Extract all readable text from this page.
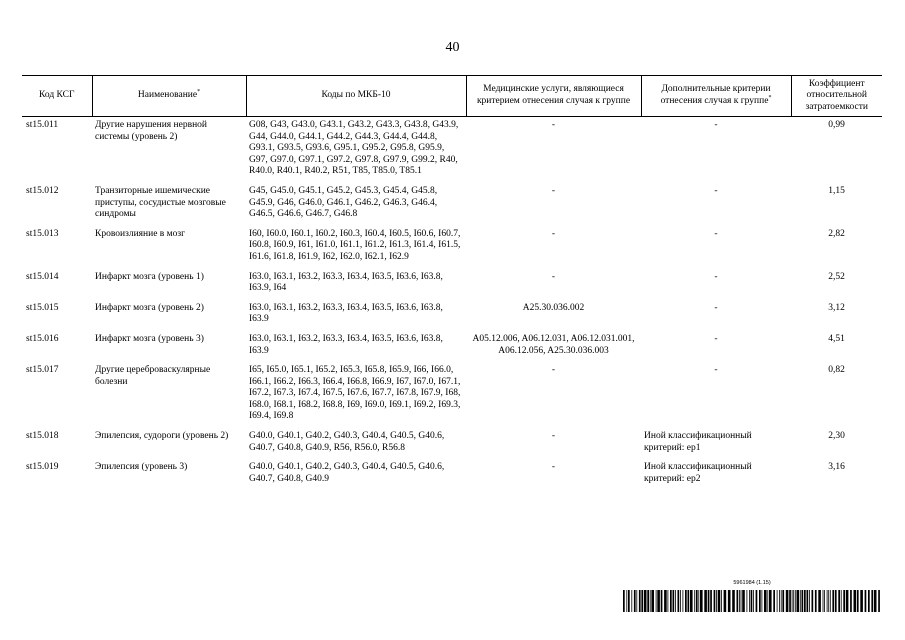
40
Код КСГ	Наименование*	Коды по МКБ-10	Медицинские услуги, являющиеся критерием отнесения случая к группе	Дополнительные критерии отнесения случая к группе*	Коэффициент относительной затратоемкости
st15.011	Другие нарушения нервной системы (уровень 2)	G08, G43, G43.0, G43.1, G43.2, G43.3, G43.8, G43.9, G44, G44.0, G44.1, G44.2, G44.3, G44.4, G44.8, G93.1, G93.5, G93.6, G95.1, G95.2, G95.8, G95.9, G97, G97.0, G97.1, G97.2, G97.8, G97.9, G99.2, R40, R40.0, R40.1, R40.2, R51, T85, T85.0, T85.1	-	-	0,99
st15.012	Транзиторные ишемические приступы, сосудистые мозговые синдромы	G45, G45.0, G45.1, G45.2, G45.3, G45.4, G45.8, G45.9, G46, G46.0, G46.1, G46.2, G46.3, G46.4, G46.5, G46.6, G46.7, G46.8	-	-	1,15
st15.013	Кровоизлияние в мозг	I60, I60.0, I60.1, I60.2, I60.3, I60.4, I60.5, I60.6, I60.7, I60.8, I60.9, I61, I61.0, I61.1, I61.2, I61.3, I61.4, I61.5, I61.6, I61.8, I61.9, I62, I62.0, I62.1, I62.9	-	-	2,82
st15.014	Инфаркт мозга (уровень 1)	I63.0, I63.1, I63.2, I63.3, I63.4, I63.5, I63.6, I63.8, I63.9, I64	-	-	2,52
st15.015	Инфаркт мозга (уровень 2)	I63.0, I63.1, I63.2, I63.3, I63.4, I63.5, I63.6, I63.8, I63.9	A25.30.036.002	-	3,12
st15.016	Инфаркт мозга (уровень 3)	I63.0, I63.1, I63.2, I63.3, I63.4, I63.5, I63.6, I63.8, I63.9	A05.12.006, A06.12.031, A06.12.031.001, A06.12.056, A25.30.036.003	-	4,51
st15.017	Другие цереброваскулярные болезни	I65, I65.0, I65.1, I65.2, I65.3, I65.8, I65.9, I66, I66.0, I66.1, I66.2, I66.3, I66.4, I66.8, I66.9, I67, I67.0, I67.1, I67.2, I67.3, I67.4, I67.5, I67.6, I67.7, I67.8, I67.9, I68, I68.0, I68.1, I68.2, I68.8, I69, I69.0, I69.1, I69.2, I69.3, I69.4, I69.8	-	-	0,82
st15.018	Эпилепсия, судороги (уровень 2)	G40.0, G40.1, G40.2, G40.3, G40.4, G40.5, G40.6, G40.7, G40.8, G40.9, R56, R56.0, R56.8	-	Иной классификационный критерий: ep1	2,30
st15.019	Эпилепсия (уровень 3)	G40.0, G40.1, G40.2, G40.3, G40.4, G40.5, G40.6, G40.7, G40.8, G40.9	-	Иной классификационный критерий: ep2	3,16
5961984 (1.15)
